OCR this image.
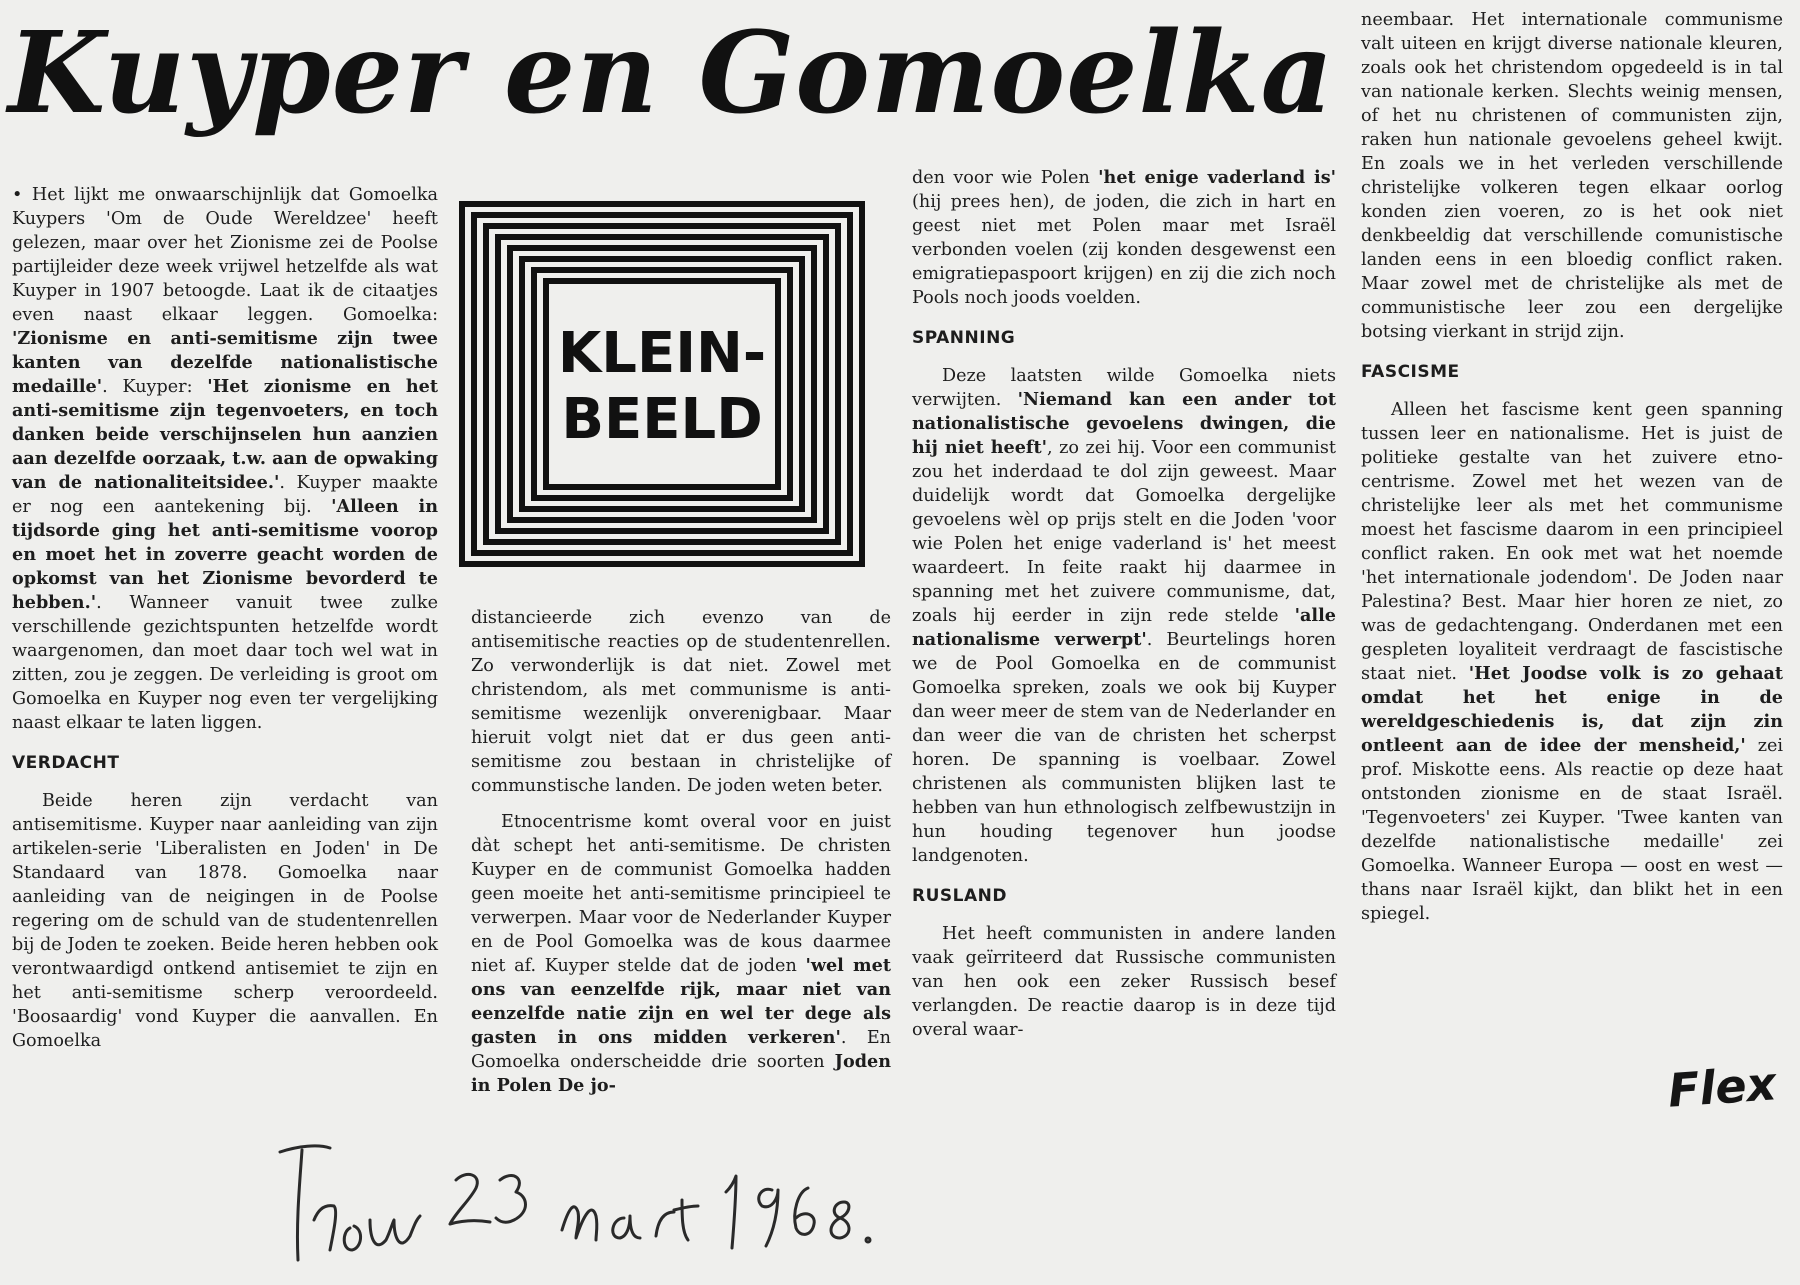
Kuyper en Gomoelka

• Het lijkt me onwaarschijnlijk dat Gomoelka Kuypers 'Om de Oude Wereldzee' heeft gelezen, maar over het Zionisme zei de Poolse partijleider deze week vrijwel hetzelfde als wat Kuyper in 1907 betoogde. Laat ik de citaatjes even naast elkaar leggen. Gomoelka: 'Zionisme en anti-semitisme zijn twee kanten van dezelfde nationalistische medaille'. Kuyper: 'Het zionisme en het anti-semitisme zijn tegenvoeters, en toch danken beide verschijnselen hun aanzien aan dezelfde oorzaak, t.w. aan de opwaking van de nationaliteitsidee.'. Kuyper maakte er nog een aantekening bij. 'Alleen in tijdsorde ging het anti-semitisme voorop en moet het in zoverre geacht worden de opkomst van het Zionisme bevorderd te hebben.'. Wanneer vanuit twee zulke verschillende gezichtspunten hetzelfde wordt waargenomen, dan moet daar toch wel wat in zitten, zou je zeggen. De verleiding is groot om Gomoelka en Kuyper nog even ter vergelijking naast elkaar te laten liggen.

VERDACHT

Beide heren zijn verdacht van antisemitisme. Kuyper naar aanleiding van zijn artikelen-serie 'Liberalisten en Joden' in De Standaard van 1878. Gomoelka naar aanleiding van de neigingen in de Poolse regering om de schuld van de studentenrellen bij de Joden te zoeken. Beide heren hebben ook verontwaardigd ontkend antisemiet te zijn en het anti-semitisme scherp veroordeeld. 'Boosaardig' vond Kuyper die aanvallen. En Gomoelka

KLEIN-
BEELD

distancieerde zich evenzo van de antisemitische reacties op de studentenrellen. Zo verwonderlijk is dat niet. Zowel met christendom, als met communisme is anti-semitisme wezenlijk onverenigbaar. Maar hieruit volgt niet dat er dus geen anti-semitisme zou bestaan in christelijke of communstische landen. De joden weten beter.

Etnocentrisme komt overal voor en juist dàt schept het anti-semitisme. De christen Kuyper en de communist Gomoelka hadden geen moeite het anti-semitisme principieel te verwerpen. Maar voor de Nederlander Kuyper en de Pool Gomoelka was de kous daarmee niet af. Kuyper stelde dat de joden 'wel met ons van eenzelfde rijk, maar niet van eenzelfde natie zijn en wel ter dege als gasten in ons midden verkeren'. En Gomoelka onderscheidde drie soorten Joden in Polen De jo-

den voor wie Polen 'het enige vaderland is' (hij prees hen), de joden, die zich in hart en geest niet met Polen maar met Israël verbonden voelen (zij konden desgewenst een emigratiepaspoort krijgen) en zij die zich noch Pools noch joods voelden.

SPANNING

Deze laatsten wilde Gomoelka niets verwijten. 'Niemand kan een ander tot nationalistische gevoelens dwingen, die hij niet heeft', zo zei hij. Voor een communist zou het inderdaad te dol zijn geweest. Maar duidelijk wordt dat Gomoelka dergelijke gevoelens wèl op prijs stelt en die Joden 'voor wie Polen het enige vaderland is' het meest waardeert. In feite raakt hij daarmee in spanning met het zuivere communisme, dat, zoals hij eerder in zijn rede stelde 'alle nationalisme verwerpt'. Beurtelings horen we de Pool Gomoelka en de communist Gomoelka spreken, zoals we ook bij Kuyper dan weer meer de stem van de Nederlander en dan weer die van de christen het scherpst horen. De spanning is voelbaar. Zowel christenen als communisten blijken last te hebben van hun ethnologisch zelfbewustzijn in hun houding tegenover hun joodse landgenoten.

RUSLAND

Het heeft communisten in andere landen vaak geïrriteerd dat Russische communisten van hen ook een zeker Russisch besef verlangden. De reactie daarop is in deze tijd overal waar-

neembaar. Het internationale communisme valt uiteen en krijgt diverse nationale kleuren, zoals ook het christendom opgedeeld is in tal van nationale kerken. Slechts weinig mensen, of het nu christenen of communisten zijn, raken hun nationale gevoelens geheel kwijt. En zoals we in het verleden verschillende christelijke volkeren tegen elkaar oorlog konden zien voeren, zo is het ook niet denkbeeldig dat verschillende comunistische landen eens in een bloedig conflict raken. Maar zowel met de christelijke als met de communistische leer zou een dergelijke botsing vierkant in strijd zijn.

FASCISME

Alleen het fascisme kent geen spanning tussen leer en nationalisme. Het is juist de politieke gestalte van het zuivere etno-centrisme. Zowel met het wezen van de christelijke leer als met het communisme moest het fascisme daarom in een principieel conflict raken. En ook met wat het noemde 'het internationale jodendom'. De Joden naar Palestina? Best. Maar hier horen ze niet, zo was de gedachtengang. Onderdanen met een gespleten loyaliteit verdraagt de fascistische staat niet. 'Het Joodse volk is zo gehaat omdat het het enige in de wereldgeschiedenis is, dat zijn zin ontleent aan de idee der mensheid,' zei prof. Miskotte eens. Als reactie op deze haat ontstonden zionisme en de staat Israël. 'Tegenvoeters' zei Kuyper. 'Twee kanten van dezelfde nationalistische medaille' zei Gomoelka. Wanneer Europa — oost en west — thans naar Israël kijkt, dan blikt het in een spiegel.

Flex
